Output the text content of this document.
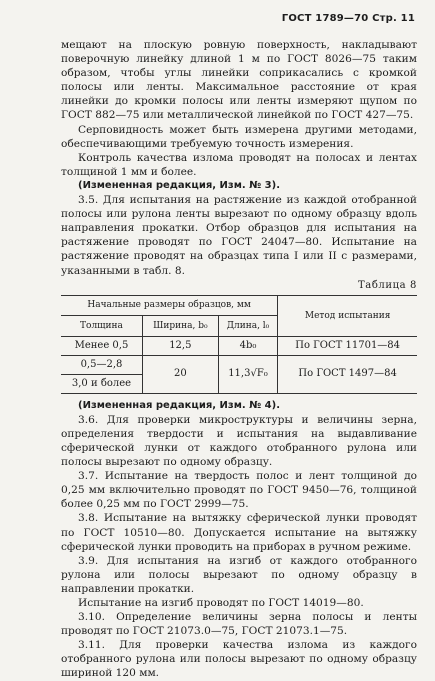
ГОСТ 1789—70 Стр. 11

мещают на плоскую ровную поверхность, накладывают поверочную линейку длиной 1 м по ГОСТ 8026—75 таким образом, чтобы углы линейки соприкасались с кромкой полосы или ленты. Максимальное расстояние от края линейки до кромки полосы или ленты измеряют щупом по ГОСТ 882—75 или металлической линейкой по ГОСТ 427—75.

Серповидность может быть измерена другими методами, обеспечивающими требуемую точность измерения.

Контроль качества излома проводят на полосах и лентах толщиной 1 мм и более.

(Измененная редакция, Изм. № 3).

3.5. Для испытания на растяжение из каждой отобранной полосы или рулона ленты вырезают по одному образцу вдоль направления прокатки. Отбор образцов для испытания на растяжение проводят по ГОСТ 24047—80. Испытание на растяжение проводят на образцах типа I или II с размерами, указанными в табл. 8.

Таблица 8
Начальные размеры образцов, мм			Метод испытания
Толщина	Ширина, b₀	Длина, l₀	
Менее 0,5	12,5	4b₀	По ГОСТ 11701—84
0,5—2,8	20	11,3√F₀	По ГОСТ 1497—84
3,0 и более			

(Измененная редакция, Изм. № 4).

3.6. Для проверки микроструктуры и величины зерна, определения твердости и испытания на выдавливание сферической лунки от каждого отобранного рулона или полосы вырезают по одному образцу.

3.7. Испытание на твердость полос и лент толщиной до 0,25 мм включительно проводят по ГОСТ 9450—76, толщиной более 0,25 мм по ГОСТ 2999—75.

3.8. Испытание на вытяжку сферической лунки проводят по ГОСТ 10510—80. Допускается испытание на вытяжку сферической лунки проводить на приборах в ручном режиме.

3.9. Для испытания на изгиб от каждого отобранного рулона или полосы вырезают по одному образцу в направлении прокатки.

Испытание на изгиб проводят по ГОСТ 14019—80.

3.10. Определение величины зерна полосы и ленты проводят по ГОСТ 21073.0—75, ГОСТ 21073.1—75.

3.11. Для проверки качества излома из каждого отобранного рулона или полосы вырезают по одному образцу шириной 120 мм.
